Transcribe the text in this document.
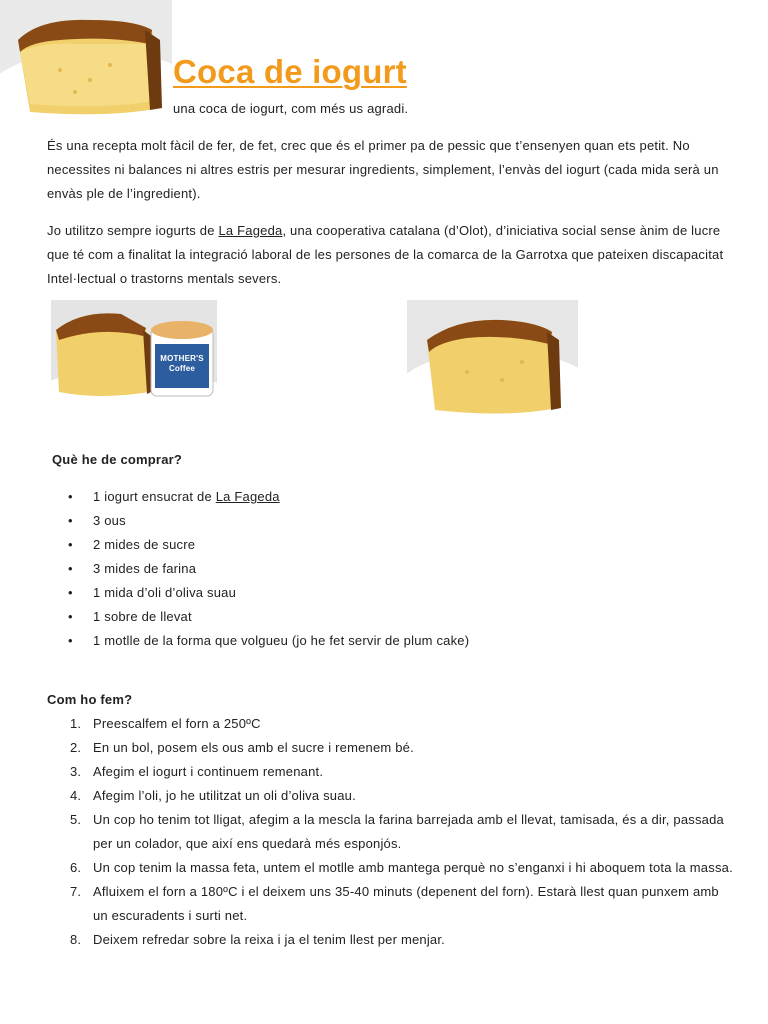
Coca de iogurt
una coca de iogurt, com més us agradi.

És una recepta molt fàcil de fer, de fet, crec que és el primer pa de pessic que t’ensenyen quan ets petit. No necessites ni balances ni altres estris per mesurar ingredients, simplement, l’envàs del iogurt (cada mida serà un envàs ple de l’ingredient).

Jo utilitzo sempre iogurts de La Fageda, una cooperativa catalana (d’Olot), d’iniciativa social sense ànim de lucre que té com a finalitat la integració laboral de les persones de la comarca de la Garrotxa que pateixen discapacitat Intel·lectual o trastorns mentals severs.

MOTHER'S Coffee
Què he de comprar?
• 1 iogurt ensucrat de La Fageda
• 3 ous
• 2 mides de sucre
• 3 mides de farina
• 1 mida d’oli d’oliva suau
• 1 sobre de llevat
• 1 motlle de la forma que volgueu (jo he fet servir de plum cake)
Com ho fem?
1. Preescalfem el forn a 250ºC
2. En un bol, posem els ous amb el sucre i remenem bé.
3. Afegim el iogurt i continuem remenant.
4. Afegim l’oli, jo he utilitzat un oli d’oliva suau.
5. Un cop ho tenim tot lligat, afegim a la mescla la farina barrejada amb el llevat, tamisada, és a dir, passada per un colador, que així ens quedarà més esponjós.
6. Un cop tenim la massa feta, untem el motlle amb mantega perquè no s’enganxi i hi aboquem tota la massa.
7. Afluixem el forn a 180ºC i el deixem uns 35-40 minuts (depenent del forn). Estarà llest quan punxem amb un escuradents i surti net.
8. Deixem refredar sobre la reixa i ja el tenim llest per menjar.
